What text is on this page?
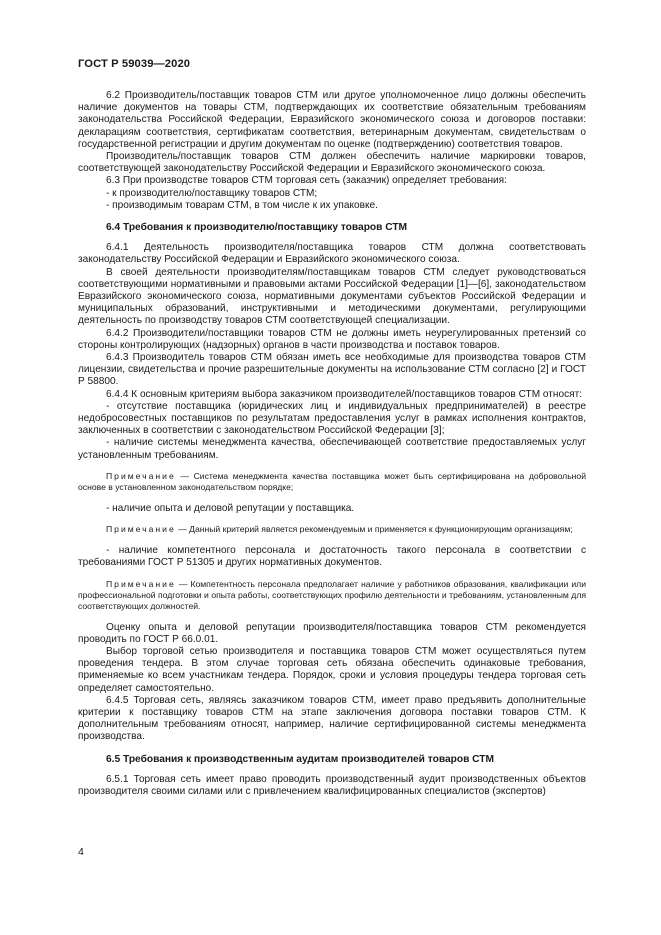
ГОСТ Р 59039—2020

6.2 Производитель/поставщик товаров СТМ или другое уполномоченное лицо должны обеспечить наличие документов на товары СТМ, подтверждающих их соответствие обязательным требованиям законодательства Российской Федерации, Евразийского экономического союза и договоров поставки: декларациям соответствия, сертификатам соответствия, ветеринарным документам, свидетельствам о государственной регистрации и другим документам по оценке (подтверждению) соответствия товаров.

Производитель/поставщик товаров СТМ должен обеспечить наличие маркировки товаров, соответствующей законодательству Российской Федерации и Евразийского экономического союза.

6.3 При производстве товаров СТМ торговая сеть (заказчик) определяет требования:

- к производителю/поставщику товаров СТМ;

- производимым товарам СТМ, в том числе к их упаковке.

6.4 Требования к производителю/поставщику товаров СТМ

6.4.1 Деятельность производителя/поставщика товаров СТМ должна соответствовать законодательству Российской Федерации и Евразийского экономического союза.

В своей деятельности производителям/поставщикам товаров СТМ следует руководствоваться соответствующими нормативными и правовыми актами Российской Федерации [1]—[6], законодательством Евразийского экономического союза, нормативными документами субъектов Российской Федерации и муниципальных образований, инструктивными и методическими документами, регулирующими деятельность по производству товаров СТМ соответствующей специализации.

6.4.2 Производители/поставщики товаров СТМ не должны иметь неурегулированных претензий со стороны контролирующих (надзорных) органов в части производства и поставок товаров.

6.4.3 Производитель товаров СТМ обязан иметь все необходимые для производства товаров СТМ лицензии, свидетельства и прочие разрешительные документы на использование СТМ согласно [2] и ГОСТ Р 58800.

6.4.4 К основным критериям выбора заказчиком производителей/поставщиков товаров СТМ относят:

- отсутствие поставщика (юридических лиц и индивидуальных предпринимателей) в реестре недобросовестных поставщиков по результатам предоставления услуг в рамках исполнения контрактов, заключенных в соответствии с законодательством Российской Федерации [3];

- наличие системы менеджмента качества, обеспечивающей соответствие предоставляемых услуг установленным требованиям.

Примечание — Система менеджмента качества поставщика может быть сертифицирована на добровольной основе в установленном законодательством порядке;

- наличие опыта и деловой репутации у поставщика.

Примечание — Данный критерий является рекомендуемым и применяется к функционирующим организациям;

- наличие компетентного персонала и достаточность такого персонала в соответствии с требованиями ГОСТ Р 51305 и других нормативных документов.

Примечание — Компетентность персонала предполагает наличие у работников образования, квалификации или профессиональной подготовки и опыта работы, соответствующих профилю деятельности и требованиям, установленным для соответствующих должностей.

Оценку опыта и деловой репутации производителя/поставщика товаров СТМ рекомендуется проводить по ГОСТ Р 66.0.01.

Выбор торговой сетью производителя и поставщика товаров СТМ может осуществляться путем проведения тендера. В этом случае торговая сеть обязана обеспечить одинаковые требования, применяемые ко всем участникам тендера. Порядок, сроки и условия процедуры тендера торговая сеть определяет самостоятельно.

6.4.5 Торговая сеть, являясь заказчиком товаров СТМ, имеет право предъявить дополнительные критерии к поставщику товаров СТМ на этапе заключения договора поставки товаров СТМ. К дополнительным требованиям относят, например, наличие сертифицированной системы менеджмента производства.

6.5 Требования к производственным аудитам производителей товаров СТМ

6.5.1 Торговая сеть имеет право проводить производственный аудит производственных объектов производителя своими силами или с привлечением квалифицированных специалистов (экспертов)

4
